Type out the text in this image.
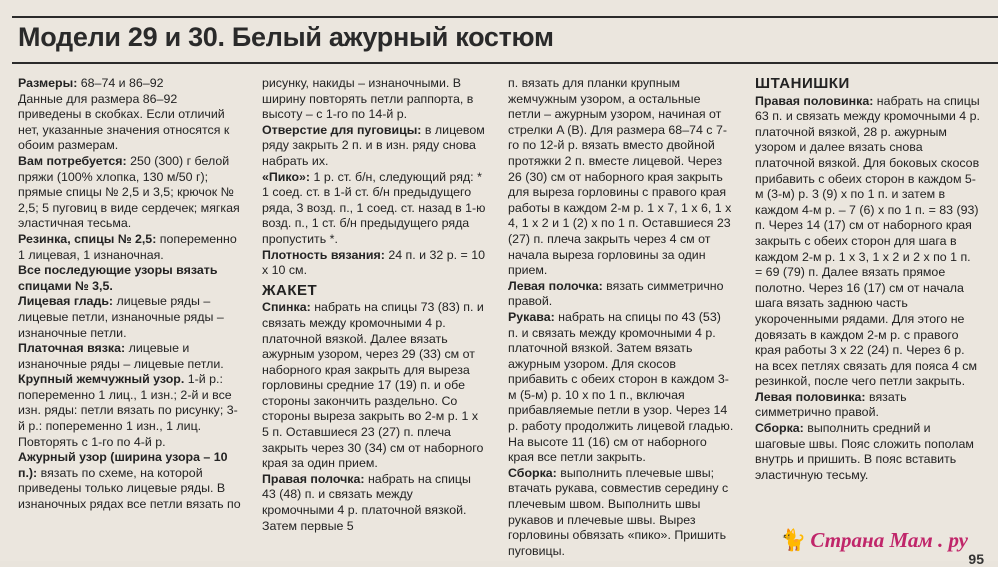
Модели 29 и 30. Белый ажурный костюм

Размеры: 68–74 и 86–92

Данные для размера 86–92 приведены в скобках. Если отличий нет, указанные значения относятся к обоим размерам.

Вам потребуется: 250 (300) г белой пряжи (100% хлопка, 130 м/50 г); прямые спицы № 2,5 и 3,5; крючок № 2,5; 5 пуговиц в виде сердечек; мягкая эластичная тесьма.

Резинка, спицы № 2,5: попеременно 1 лицевая, 1 изнаночная.

Все последующие узоры вязать спицами № 3,5.

Лицевая гладь: лицевые ряды – лицевые петли, изнаночные ряды – изнаночные петли.

Платочная вязка: лицевые и изнаночные ряды – лицевые петли.

Крупный жемчужный узор. 1-й р.: попеременно 1 лиц., 1 изн.; 2-й и все изн. ряды: петли вязать по рисунку; 3-й р.: попеременно 1 изн., 1 лиц. Повторять с 1-го по 4-й р.

Ажурный узор (ширина узора – 10 п.): вязать по схеме, на которой приведены только лицевые ряды. В изнаночных рядах все петли вязать по

рисунку, накиды – изнаночными. В ширину повторять петли раппорта, в высоту – с 1-го по 14-й р.

Отверстие для пуговицы: в лицевом ряду закрыть 2 п. и в изн. ряду снова набрать их.

«Пико»: 1 р. ст. б/н, следующий ряд: * 1 соед. ст. в 1-й ст. б/н предыдущего ряда, 3 возд. п., 1 соед. ст. назад в 1-ю возд. п., 1 ст. б/н предыдущего ряда пропустить *.

Плотность вязания: 24 п. и 32 р. = 10 х 10 см.

ЖАКЕТ

Спинка: набрать на спицы 73 (83) п. и связать между кромочными 4 р. платочной вязкой. Далее вязать ажурным узором, через 29 (33) см от наборного края закрыть для выреза горловины средние 17 (19) п. и обе стороны закончить раздельно. Со стороны выреза закрыть во 2-м р. 1 х 5 п. Оставшиеся 23 (27) п. плеча закрыть через 30 (34) см от наборного края за один прием.

Правая полочка: набрать на спицы 43 (48) п. и связать между кромочными 4 р. платочной вязкой. Затем первые 5

п. вязать для планки крупным жемчужным узором, а остальные петли – ажурным узором, начиная от стрелки A (B). Для размера 68–74 с 7-го по 12-й р. вязать вместо двойной протяжки 2 п. вместе лицевой. Через 26 (30) см от наборного края закрыть для выреза горловины с правого края работы в каждом 2-м р. 1 х 7, 1 х 6, 1 х 4, 1 х 2 и 1 (2) х по 1 п. Оставшиеся 23 (27) п. плеча закрыть через 4 см от начала выреза горловины за один прием.

Левая полочка: вязать симметрично правой.

Рукава: набрать на спицы по 43 (53) п. и связать между кромочными 4 р. платочной вязкой. Затем вязать ажурным узором. Для скосов прибавить с обеих сторон в каждом 3-м (5-м) р. 10 х по 1 п., включая прибавляемые петли в узор. Через 14 р. работу продолжить лицевой гладью. На высоте 11 (16) см от наборного края все петли закрыть.

Сборка: выполнить плечевые швы; втачать рукава, совместив середину с плечевым швом. Выполнить швы рукавов и плечевые швы. Вырез горловины обвязать «пико». Пришить пуговицы.

ШТАНИШКИ

Правая половинка: набрать на спицы 63 п. и связать между кромочными 4 р. платочной вязкой, 28 р. ажурным узором и далее вязать снова платочной вязкой. Для боковых скосов прибавить с обеих сторон в каждом 5-м (3-м) р. 3 (9) х по 1 п. и затем в каждом 4-м р. – 7 (6) х по 1 п. = 83 (93) п. Через 14 (17) см от наборного края закрыть с обеих сторон для шага в каждом 2-м р. 1 х 3, 1 х 2 и 2 х по 1 п. = 69 (79) п. Далее вязать прямое полотно. Через 16 (17) см от начала шага вязать заднюю часть укороченными рядами. Для этого не довязать в каждом 2-м р. с правого края работы 3 х 22 (24) п. Через 6 р. на всех петлях связать для пояса 4 см резинкой, после чего петли закрыть.

Левая половинка: вязать симметрично правой.

Сборка: выполнить средний и шаговые швы. Пояс сложить пополам внутрь и пришить. В пояс вставить эластичную тесьму.

🐈 Страна Мам . ру
95
